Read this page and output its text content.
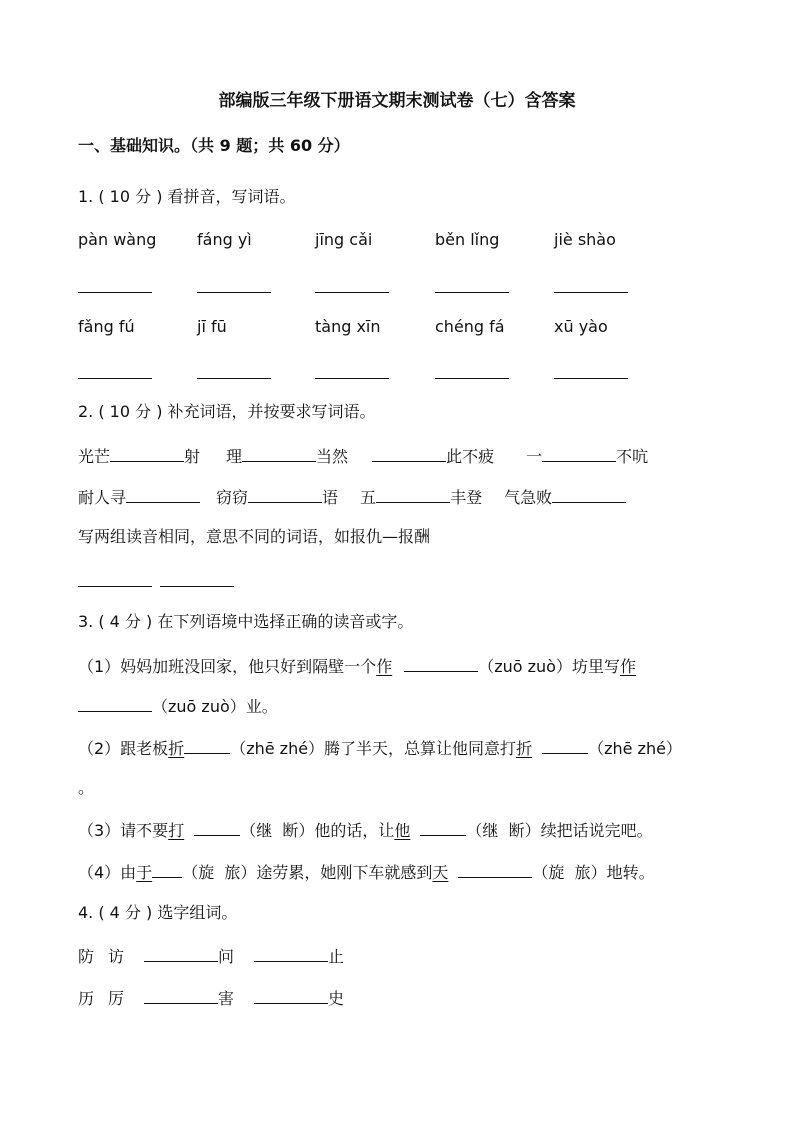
部编版三年级下册语文期末测试卷（七）含答案
一、基础知识。（共 9 题；共 60 分）
1. ( 10 分 ) 看拼音，写词语。
pàn wàng	fáng yì	jīng cǎi	běn lǐng	jiè shào
fǎng fú	jī fū	tàng xīn	chéng fá	xū yào
2. ( 10 分 ) 补充词语，并按要求写词语。
光芒	射 理	当然	此不疲 一	不吭
耐人寻	窃窃	语 五	丰登 气急败
写两组读音相同，意思不同的词语，如报仇—报酬
3. ( 4 分 ) 在下列语境中选择正确的读音或字。
（1）妈妈加班没回家，他只好到隔壁一个作	（zuō zuò）坊里写作
（zuō zuò）业。
（2）跟老板折	（zhē zhé）腾了半天，总算让他同意打折	（zhē zhé）
。
（3）请不要打	（继  断）他的话，让他	（继  断）续把话说完吧。
（4）由于 （旋  旅）途劳累，她刚下车就感到天	（旋  旅）地转。
4. ( 4 分 ) 选字组词。
防 访	问	止
历 厉	害	史
